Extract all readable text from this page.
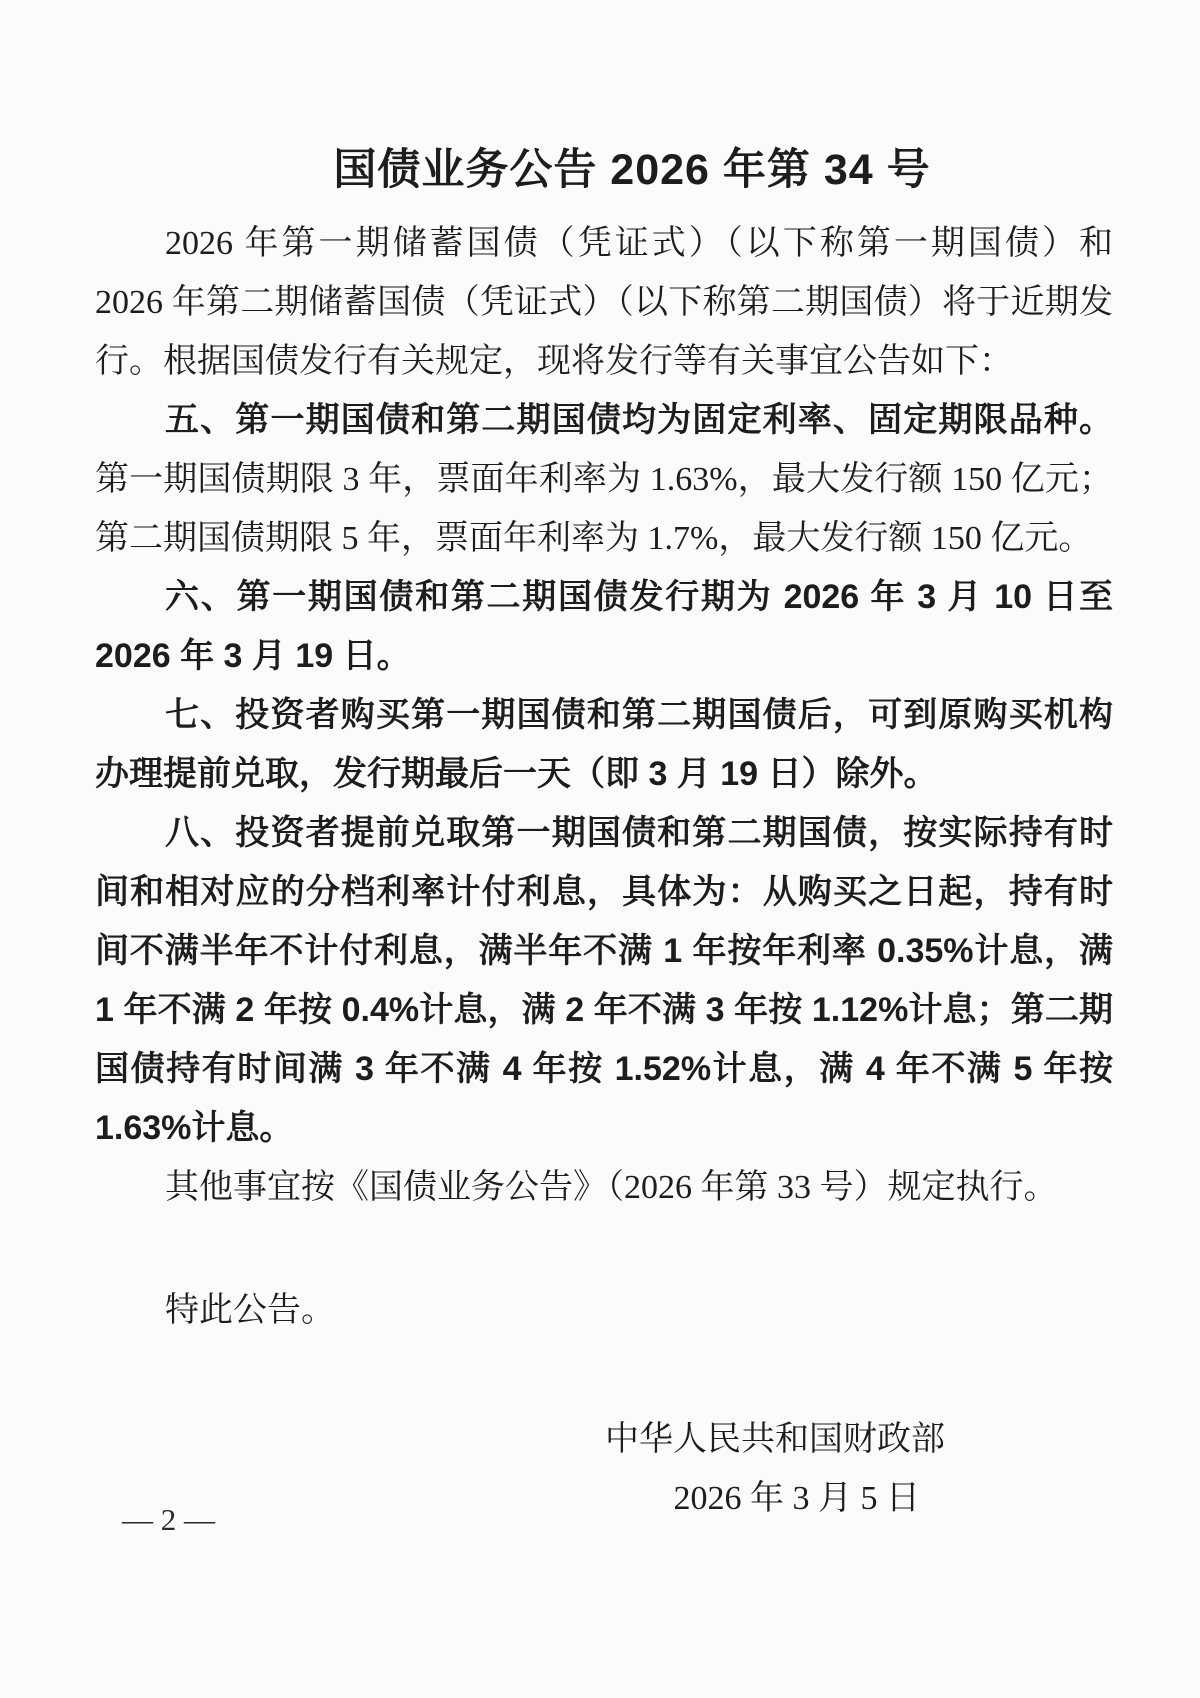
国债业务公告 2026 年第 34 号

2026 年第一期储蓄国债（凭证式）（以下称第一期国债）和 2026 年第二期储蓄国债（凭证式）（以下称第二期国债）将于近期发行。根据国债发行有关规定，现将发行等有关事宜公告如下：

五、第一期国债和第二期国债均为固定利率、固定期限品种。第一期国债期限 3 年，票面年利率为 1.63%，最大发行额 150 亿元；第二期国债期限 5 年，票面年利率为 1.7%，最大发行额 150 亿元。

六、第一期国债和第二期国债发行期为 2026 年 3 月 10 日至 2026 年 3 月 19 日。

七、投资者购买第一期国债和第二期国债后，可到原购买机构办理提前兑取，发行期最后一天（即 3 月 19 日）除外。

八、投资者提前兑取第一期国债和第二期国债，按实际持有时间和相对应的分档利率计付利息，具体为：从购买之日起，持有时间不满半年不计付利息，满半年不满 1 年按年利率 0.35%计息，满 1 年不满 2 年按 0.4%计息，满 2 年不满 3 年按 1.12%计息；第二期国债持有时间满 3 年不满 4 年按 1.52%计息，满 4 年不满 5 年按 1.63%计息。

其他事宜按《国债业务公告》（2026 年第 33 号）规定执行。

特此公告。

中华人民共和国财政部
2026 年 3 月 5 日
— 2 —
